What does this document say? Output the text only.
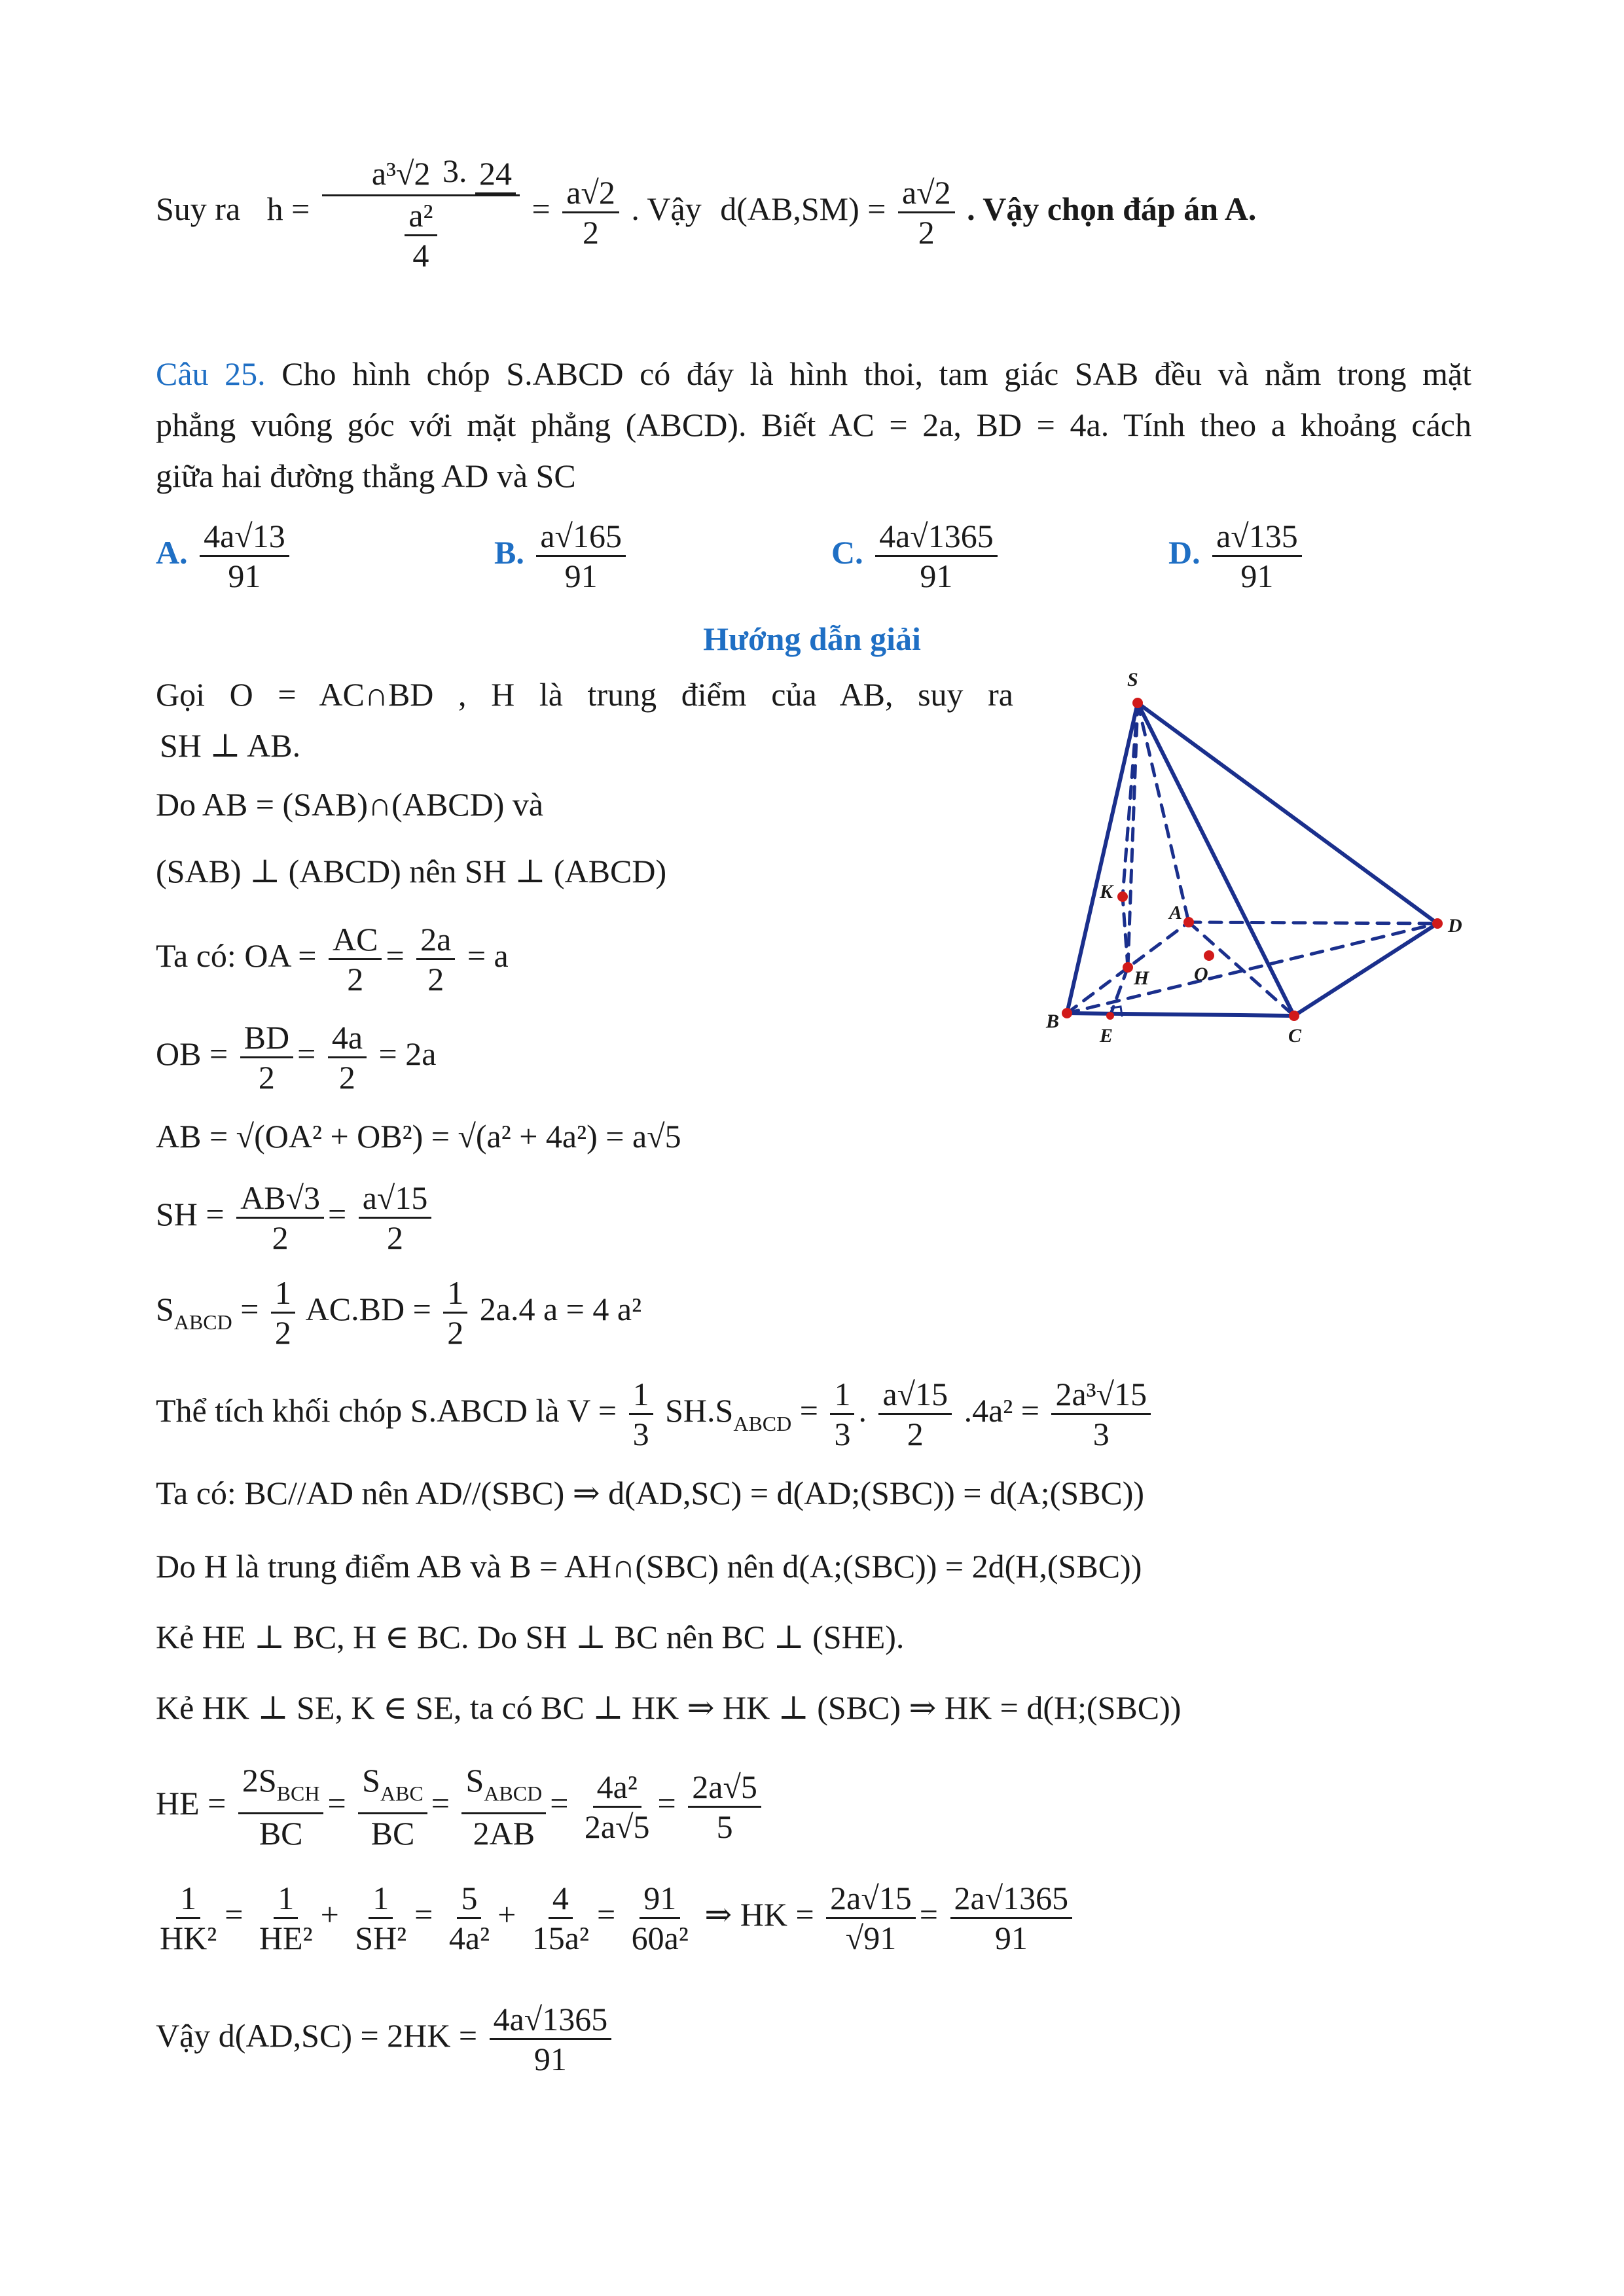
Suy ra $h = \frac{\text{a³√2 3. 24}}{\frac{\text{a²}}{4}} = \frac{a√2}{2}$ . Vậy $d(AB,SM) = \frac{a√2}{2}$ . Vậy chọn đáp án A.
Câu 25. Cho hình chóp S.ABCD có đáy là hình thoi, tam giác SAB đều và nằm trong mặt
phẳng vuông góc với mặt phẳng (ABCD). Biết AC = 2a, BD = 4a. Tính theo a khoảng cách
giữa hai đường thẳng AD và SC
A. $\frac{4a√13}{91}$	B. $\frac{a√165}{91}$	C. $\frac{4a√1365}{91}$	D. $\frac{a√135}{91}$
Hướng dẫn giải
Gọi O = AC∩BD , H là trung điểm của AB, suy ra
SH ⊥ AB.
Do AB = (SAB)∩(ABCD) và
(SAB) ⊥ (ABCD) nên SH ⊥ (ABCD)
Ta có: OA = $\frac{AC}{2} = \frac{2a}{2} = a$
OB = $\frac{BD}{2} = \frac{4a}{2} = 2a$
AB = √(OA² + OB²) = √(a² + 4a²) = a√5
SH = $\frac{AB√3}{2} = \frac{a√15}{2}$
$S_{ABCD} = \frac{1}{2} AC.BD = \frac{1}{2} 2a.4$ a = 4 a²
Thể tích khối chóp S.ABCD là $V = \frac{1}{3} SH.S_{ABCD} = \frac{1}{3}$ . $\frac{a√15}{2} .4a^2 = \frac{\text{2a³√15}}{3}$
Ta có: BC//AD nên AD//(SBC) ⇒ d(AD,SC) = d(AD;(SBC)) = d(A;(SBC))
Do H là trung điểm AB và B = AH∩(SBC) nên d(A;(SBC)) = 2d(H,(SBC))
Kẻ HE ⊥ BC, H ∈ BC. Do SH ⊥ BC nên BC ⊥ (SHE).
Kẻ HK ⊥ SE, K ∈ SE, ta có BC ⊥ HK ⇒ HK ⊥ (SBC) ⇒ HK = d(H;(SBC))
HE = $\frac{2S_{BCH}}{BC} = \frac{S_{ABC}}{BC} = \frac{S_{ABCD}}{2AB} = \frac{\text{4a²}}{2a√5} = \frac{2a√5}{5}$
$\frac{1}{\text{HK²}} = \frac{1}{\text{HE²}} + \frac{1}{\text{SH²}} = \frac{5}{\text{4a²}} + \frac{4}{\text{15a²}} = \frac{91}{\text{60a²}}$ ⇒ HK = $\frac{2a√15}{√91} = \frac{2a√1365}{91}$
Vậy $d(AD,SC) = 2HK = \frac{4a√1365}{91}$
S
A
B
C
D
E
H
K
O
